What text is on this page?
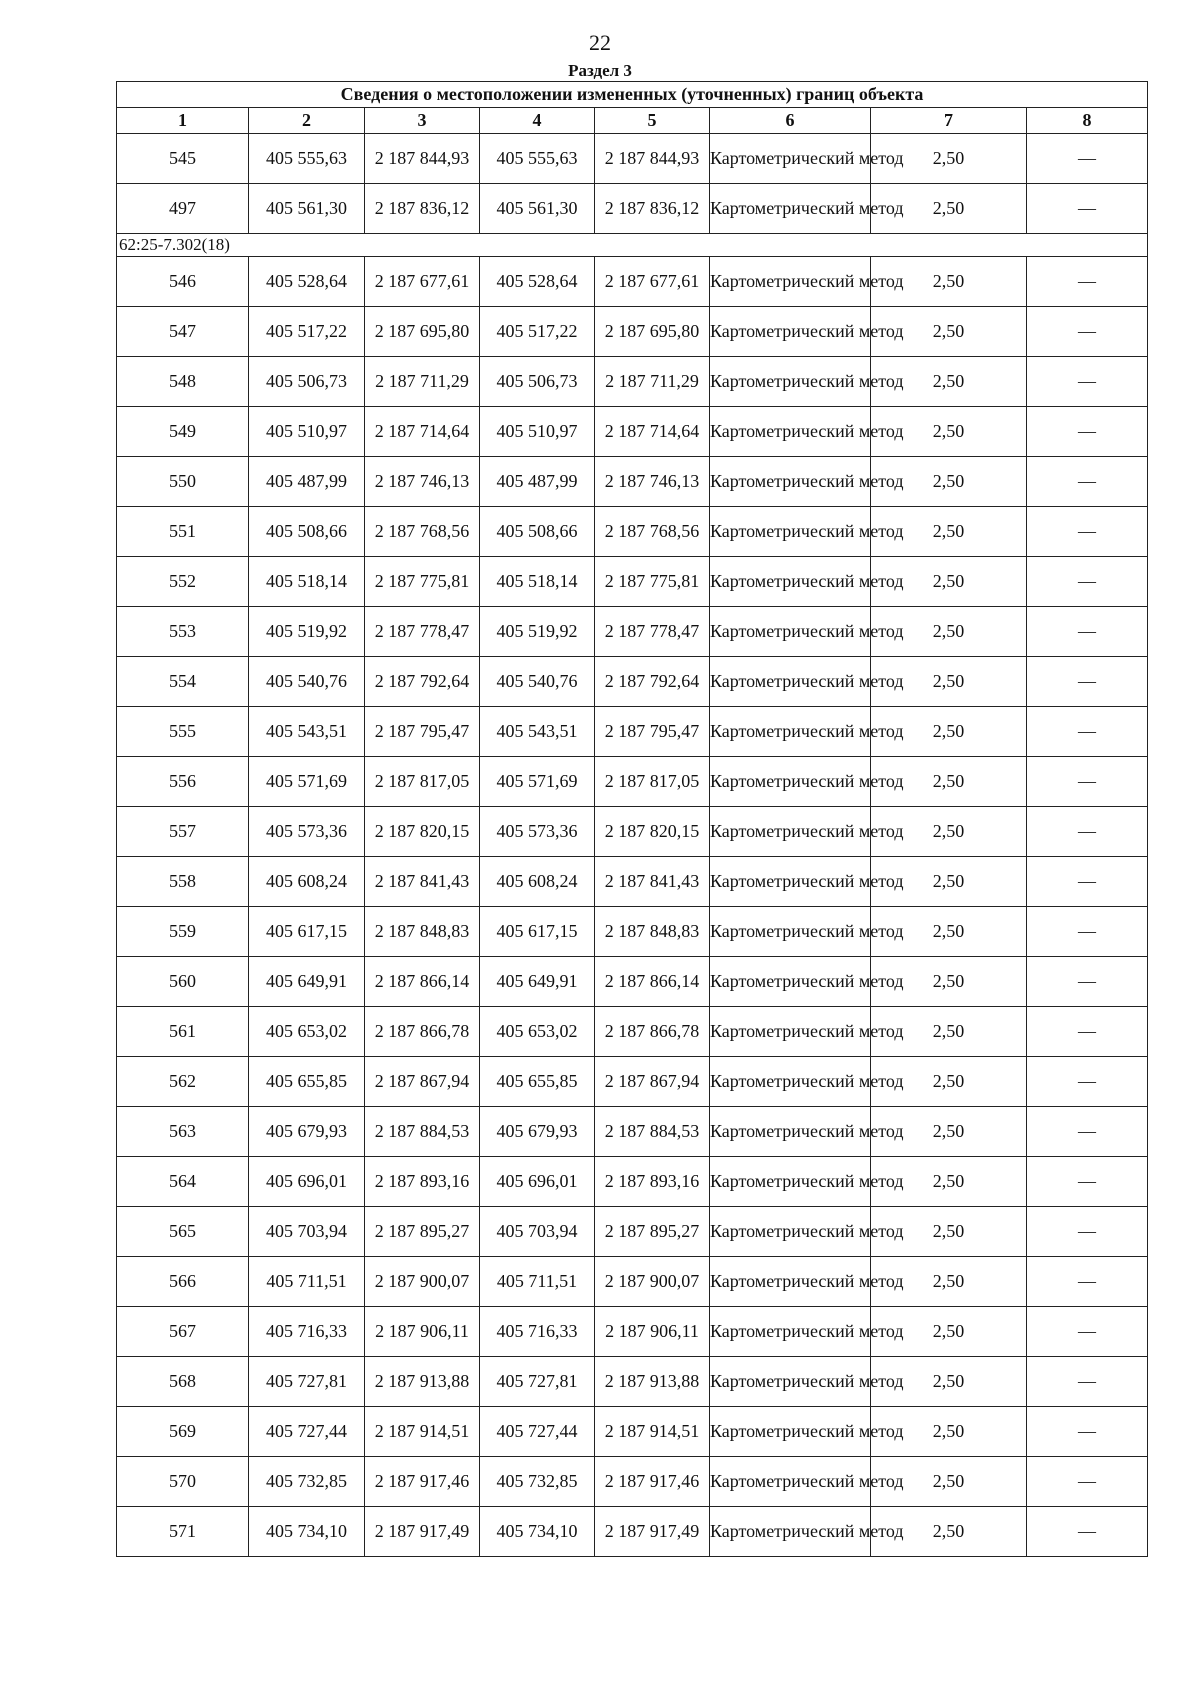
22
Раздел 3
Сведения о местоположении измененных (уточненных) границ объекта							
1	2	3	4	5	6	7	8
545	405 555,63	2 187 844,93	405 555,63	2 187 844,93	Картометрический метод	2,50	—
497	405 561,30	2 187 836,12	405 561,30	2 187 836,12	Картометрический метод	2,50	—
62:25-7.302(18)							
546	405 528,64	2 187 677,61	405 528,64	2 187 677,61	Картометрический метод	2,50	—
547	405 517,22	2 187 695,80	405 517,22	2 187 695,80	Картометрический метод	2,50	—
548	405 506,73	2 187 711,29	405 506,73	2 187 711,29	Картометрический метод	2,50	—
549	405 510,97	2 187 714,64	405 510,97	2 187 714,64	Картометрический метод	2,50	—
550	405 487,99	2 187 746,13	405 487,99	2 187 746,13	Картометрический метод	2,50	—
551	405 508,66	2 187 768,56	405 508,66	2 187 768,56	Картометрический метод	2,50	—
552	405 518,14	2 187 775,81	405 518,14	2 187 775,81	Картометрический метод	2,50	—
553	405 519,92	2 187 778,47	405 519,92	2 187 778,47	Картометрический метод	2,50	—
554	405 540,76	2 187 792,64	405 540,76	2 187 792,64	Картометрический метод	2,50	—
555	405 543,51	2 187 795,47	405 543,51	2 187 795,47	Картометрический метод	2,50	—
556	405 571,69	2 187 817,05	405 571,69	2 187 817,05	Картометрический метод	2,50	—
557	405 573,36	2 187 820,15	405 573,36	2 187 820,15	Картометрический метод	2,50	—
558	405 608,24	2 187 841,43	405 608,24	2 187 841,43	Картометрический метод	2,50	—
559	405 617,15	2 187 848,83	405 617,15	2 187 848,83	Картометрический метод	2,50	—
560	405 649,91	2 187 866,14	405 649,91	2 187 866,14	Картометрический метод	2,50	—
561	405 653,02	2 187 866,78	405 653,02	2 187 866,78	Картометрический метод	2,50	—
562	405 655,85	2 187 867,94	405 655,85	2 187 867,94	Картометрический метод	2,50	—
563	405 679,93	2 187 884,53	405 679,93	2 187 884,53	Картометрический метод	2,50	—
564	405 696,01	2 187 893,16	405 696,01	2 187 893,16	Картометрический метод	2,50	—
565	405 703,94	2 187 895,27	405 703,94	2 187 895,27	Картометрический метод	2,50	—
566	405 711,51	2 187 900,07	405 711,51	2 187 900,07	Картометрический метод	2,50	—
567	405 716,33	2 187 906,11	405 716,33	2 187 906,11	Картометрический метод	2,50	—
568	405 727,81	2 187 913,88	405 727,81	2 187 913,88	Картометрический метод	2,50	—
569	405 727,44	2 187 914,51	405 727,44	2 187 914,51	Картометрический метод	2,50	—
570	405 732,85	2 187 917,46	405 732,85	2 187 917,46	Картометрический метод	2,50	—
571	405 734,10	2 187 917,49	405 734,10	2 187 917,49	Картометрический метод	2,50	—
